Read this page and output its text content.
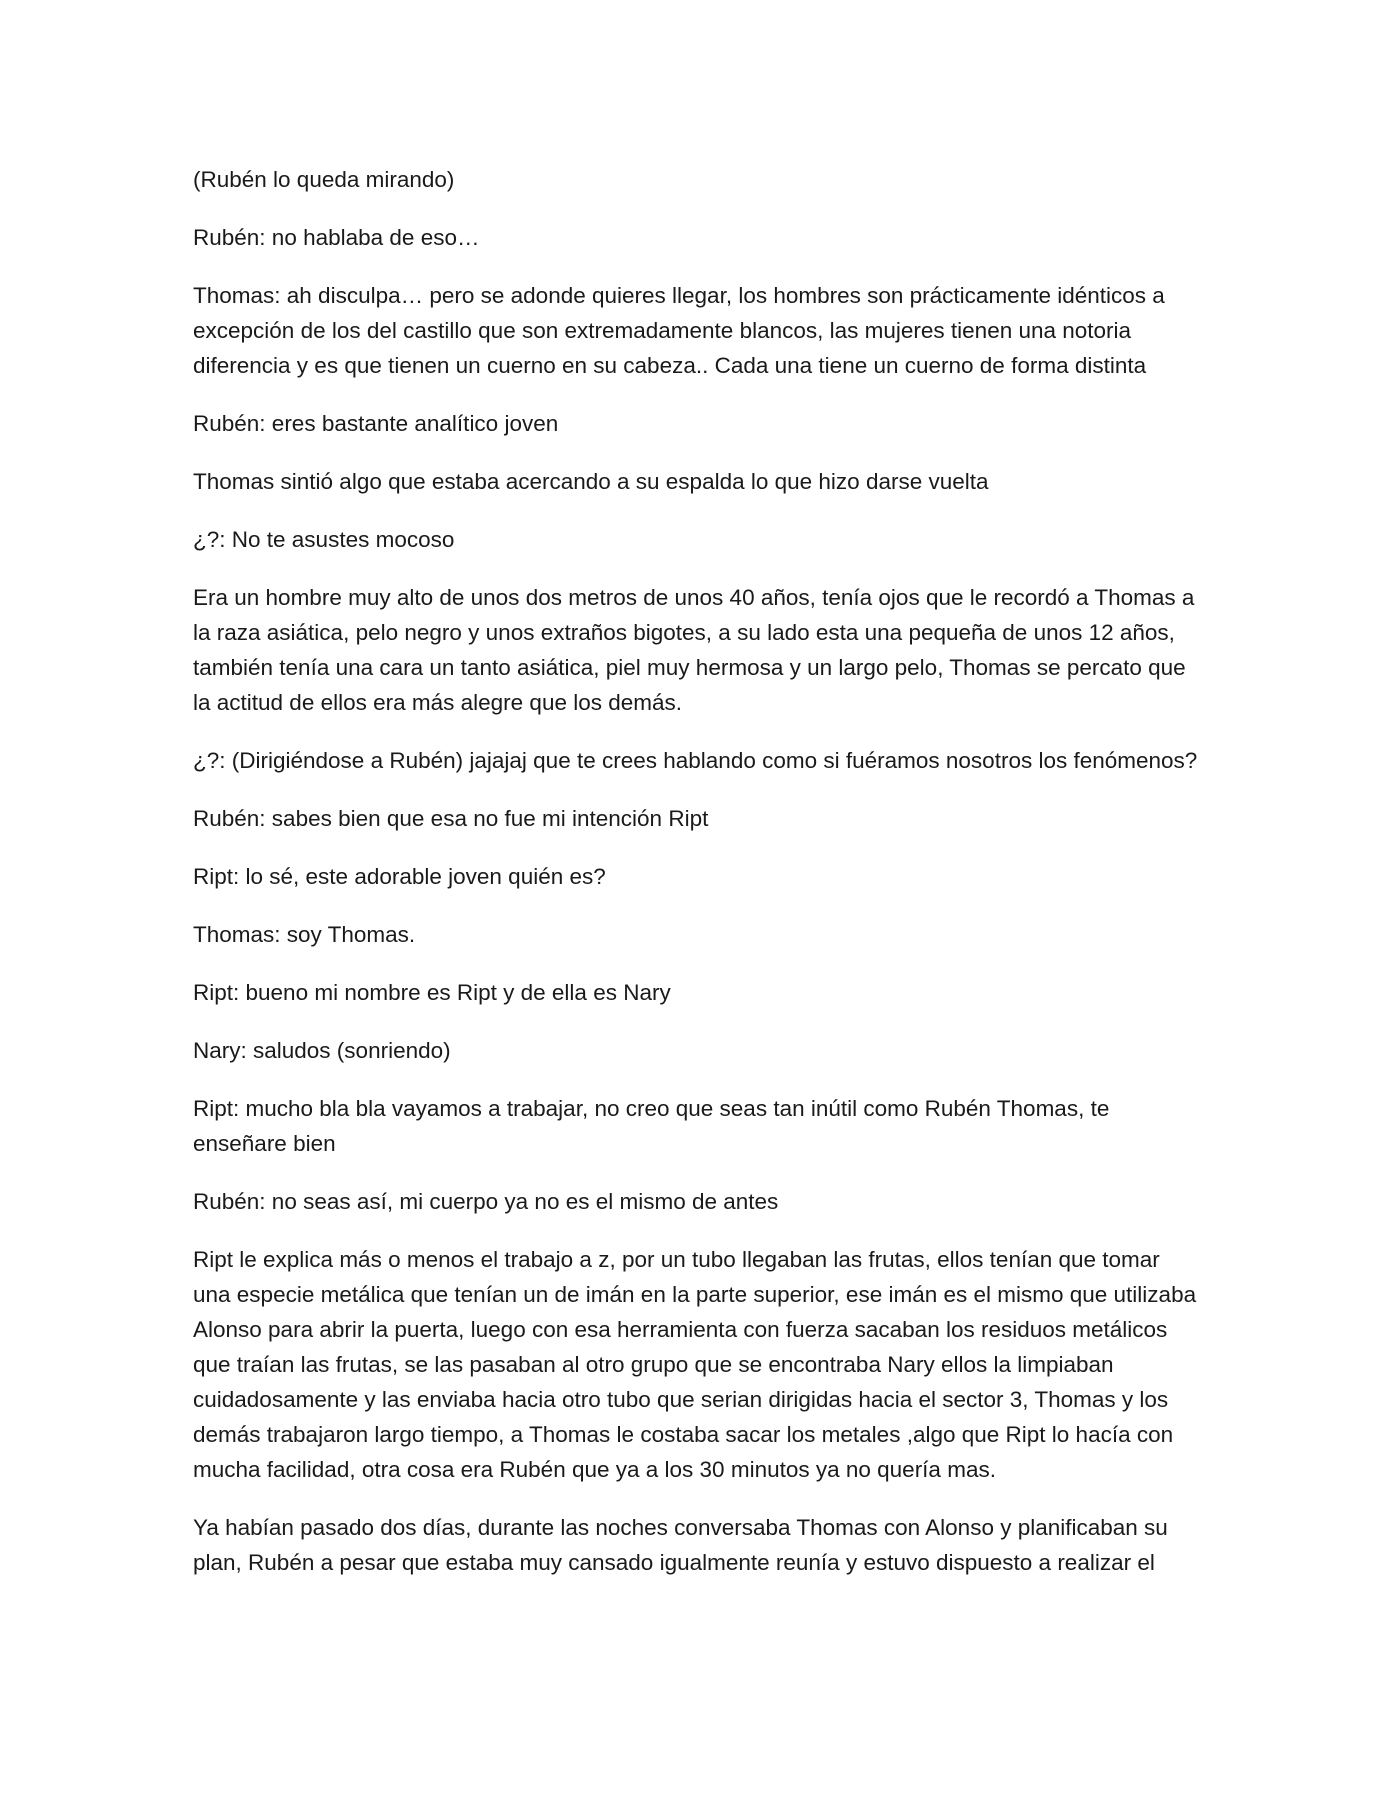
(Rubén lo queda mirando)

Rubén: no hablaba de eso…

Thomas: ah disculpa… pero se adonde quieres llegar, los hombres son prácticamente idénticos a excepción de los del castillo que son extremadamente blancos, las mujeres tienen una notoria diferencia y es que tienen un cuerno en su cabeza.. Cada una tiene un cuerno de forma distinta

Rubén: eres bastante analítico joven

Thomas sintió algo que estaba acercando a su espalda lo que hizo darse vuelta

¿?: No te asustes mocoso

Era un hombre muy alto de unos dos metros de unos 40 años, tenía ojos que le recordó a Thomas a la raza asiática, pelo negro y unos extraños bigotes, a su lado esta una pequeña de unos 12 años, también tenía una cara un tanto asiática, piel muy hermosa y un largo pelo, Thomas se percato que la actitud de ellos era más alegre que los demás.

¿?: (Dirigiéndose a Rubén) jajajaj que te crees hablando como si fuéramos nosotros los fenómenos?

Rubén: sabes bien que esa no fue mi intención Ript

Ript: lo sé, este adorable joven quién es?

Thomas: soy Thomas.

Ript: bueno mi nombre es Ript y de ella es Nary

Nary: saludos (sonriendo)

Ript: mucho bla bla vayamos a trabajar, no creo que seas tan inútil como Rubén Thomas, te enseñare bien

Rubén: no seas así, mi cuerpo ya no es el mismo de antes

Ript le explica más o menos el trabajo a z, por un tubo llegaban las frutas, ellos tenían que tomar una especie metálica que tenían un de imán en la parte superior, ese imán es el mismo que utilizaba Alonso para abrir la puerta, luego con esa herramienta con fuerza sacaban los residuos metálicos que traían las frutas, se las pasaban al otro grupo que se encontraba Nary ellos la limpiaban cuidadosamente y las enviaba hacia otro tubo que serian dirigidas hacia el sector 3, Thomas y los demás trabajaron largo tiempo, a Thomas le costaba sacar los metales ,algo que Ript lo hacía con mucha facilidad, otra cosa era Rubén que ya a los 30 minutos ya no quería mas.

Ya habían pasado dos días, durante las noches conversaba Thomas con Alonso y planificaban su plan, Rubén a pesar que estaba muy cansado igualmente reunía y estuvo dispuesto a realizar el
